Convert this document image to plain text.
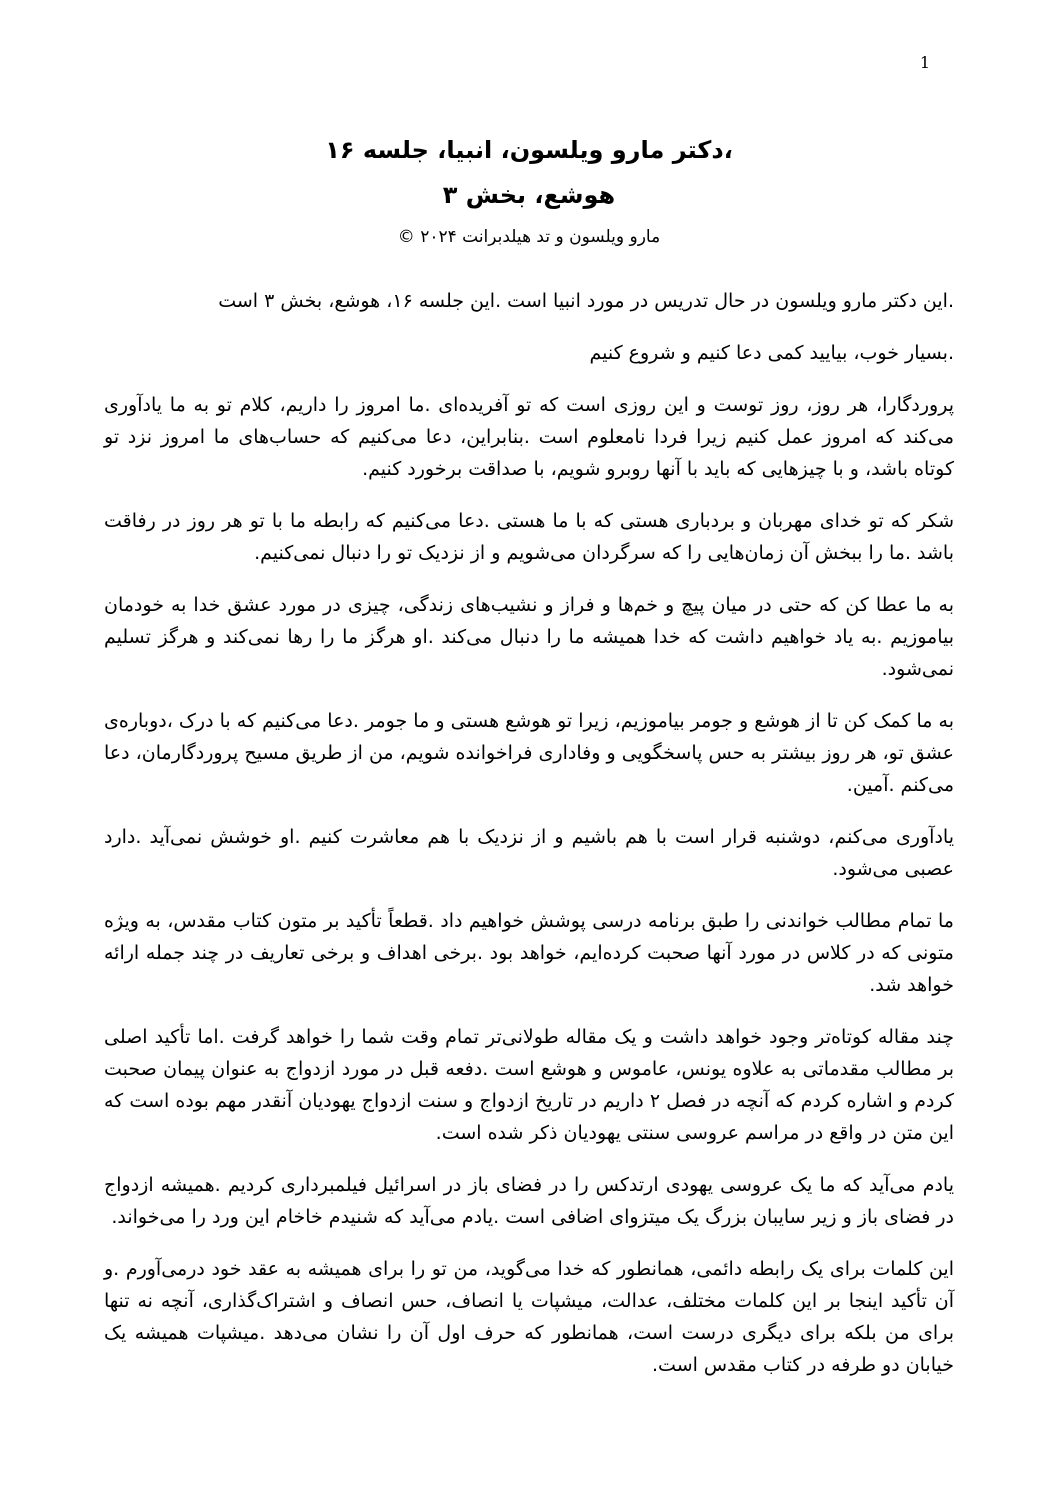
1
،دکتر مارو ویلسون، انبیا، جلسه ۱۶
هوشع، بخش ۳
مارو ویلسون و تد هیلدبرانت ۲۰۲۴ ©

.این دکتر مارو ویلسون در حال تدریس در مورد انبیا است .این جلسه ۱۶، هوشع، بخش ۳ است

.بسیار خوب، بیایید کمی دعا کنیم و شروع کنیم

پروردگارا، هر روز، روز توست و این روزی است که تو آفریده‌ای .ما امروز را داریم، کلام تو به ما یادآوری می‌کند که امروز عمل کنیم زیرا فردا نامعلوم است .بنابراین، دعا می‌کنیم که حساب‌های ما امروز نزد تو کوتاه باشد، و با چیزهایی که باید با آنها روبرو شویم، با صداقت برخورد کنیم.

شکر که تو خدای مهربان و بردباری هستی که با ما هستی .دعا می‌کنیم که رابطه ما با تو هر روز در رفاقت باشد .ما را ببخش آن زمان‌هایی را که سرگردان می‌شویم و از نزدیک تو را دنبال نمی‌کنیم.

به ما عطا کن که حتی در میان پیچ و خم‌ها و فراز و نشیب‌های زندگی، چیزی در مورد عشق خدا به خودمان بیاموزیم .به یاد خواهیم داشت که خدا همیشه ما را دنبال می‌کند .او هرگز ما را رها نمی‌کند و هرگز تسلیم نمی‌شود.

به ما کمک کن تا از هوشع و جومر بیاموزیم، زیرا تو هوشع هستی و ما جومر .دعا می‌کنیم که با درک ،دوباره‌ی عشق تو، هر روز بیشتر به حس پاسخگویی و وفاداری فراخوانده شویم، من از طریق مسیح پروردگارمان، دعا می‌کنم .آمین.

یادآوری می‌کنم، دوشنبه قرار است با هم باشیم و از نزدیک با هم معاشرت کنیم .او خوشش نمی‌آید .دارد عصبی می‌شود.

ما تمام مطالب خواندنی را طبق برنامه درسی پوشش خواهیم داد .قطعاً تأکید بر متون کتاب مقدس، به ویژه متونی که در کلاس در مورد آنها صحبت کرده‌ایم، خواهد بود .برخی اهداف و برخی تعاریف در چند جمله ارائه خواهد شد.

چند مقاله کوتاه‌تر وجود خواهد داشت و یک مقاله طولانی‌تر تمام وقت شما را خواهد گرفت .اما تأکید اصلی بر مطالب مقدماتی به علاوه یونس، عاموس و هوشع است .دفعه قبل در مورد ازدواج به عنوان پیمان صحبت کردم و اشاره کردم که آنچه در فصل ۲ داریم در تاریخ ازدواج و سنت ازدواج یهودیان آنقدر مهم بوده است که این متن در واقع در مراسم عروسی سنتی یهودیان ذکر شده است.

یادم می‌آید که ما یک عروسی یهودی ارتدکس را در فضای باز در اسرائیل فیلمبرداری کردیم .همیشه ازدواج در فضای باز و زیر سایبان بزرگ یک میتزوای اضافی است .یادم می‌آید که شنیدم خاخام این ورد را می‌خواند.

این کلمات برای یک رابطه دائمی، همانطور که خدا می‌گوید، من تو را برای همیشه به عقد خود درمی‌آورم .و آن تأکید اینجا بر این کلمات مختلف، عدالت، میشپات یا انصاف، حس انصاف و اشتراک‌گذاری، آنچه نه تنها برای من بلکه برای دیگری درست است، همانطور که حرف اول آن را نشان می‌دهد .میشپات همیشه یک خیابان دو طرفه در کتاب مقدس است.
